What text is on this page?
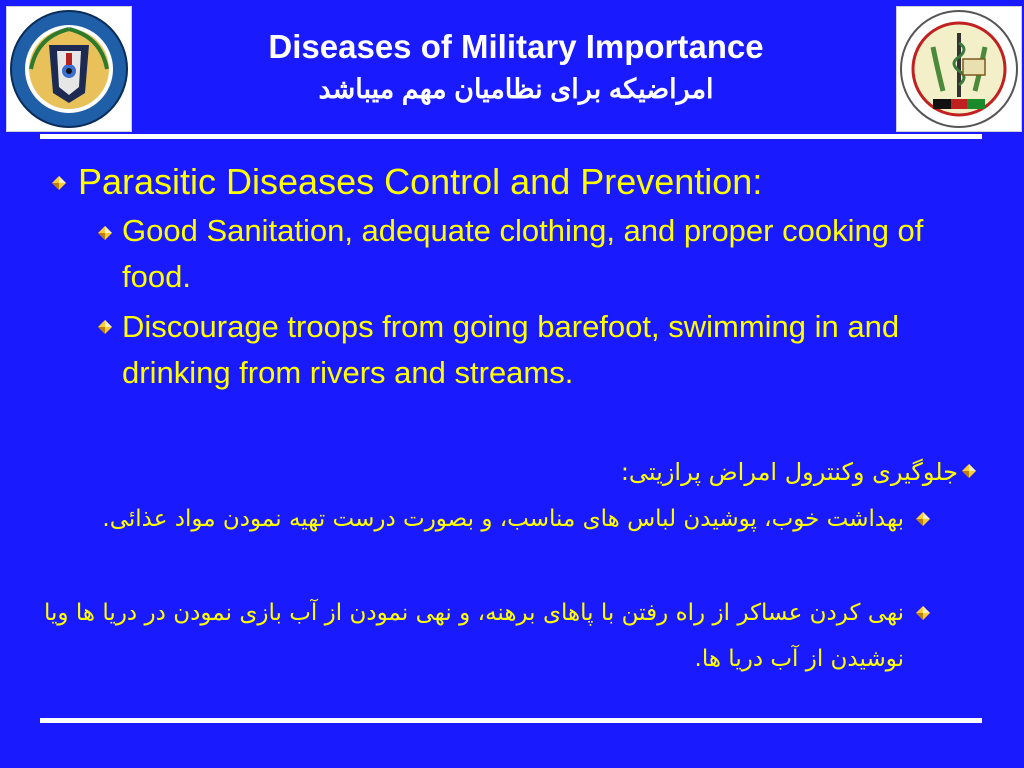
Diseases of Military Importance
امراضیکه برای نظامیان مهم میباشد
Parasitic Diseases Control and Prevention:
Good Sanitation, adequate clothing, and proper cooking of food.
Discourage troops from going barefoot, swimming in and drinking from rivers and streams.
جلوگیری وکنترول امراض پرازیتی:
بهداشت خوب، پوشیدن لباس های مناسب، و بصورت درست تهیه نمودن مواد عذائی.
نهی کردن عساکر از راه رفتن با پاهای برهنه، و نهی نمودن از آب بازی نمودن در دریا ها ویا نوشیدن از آب دریا ها.
